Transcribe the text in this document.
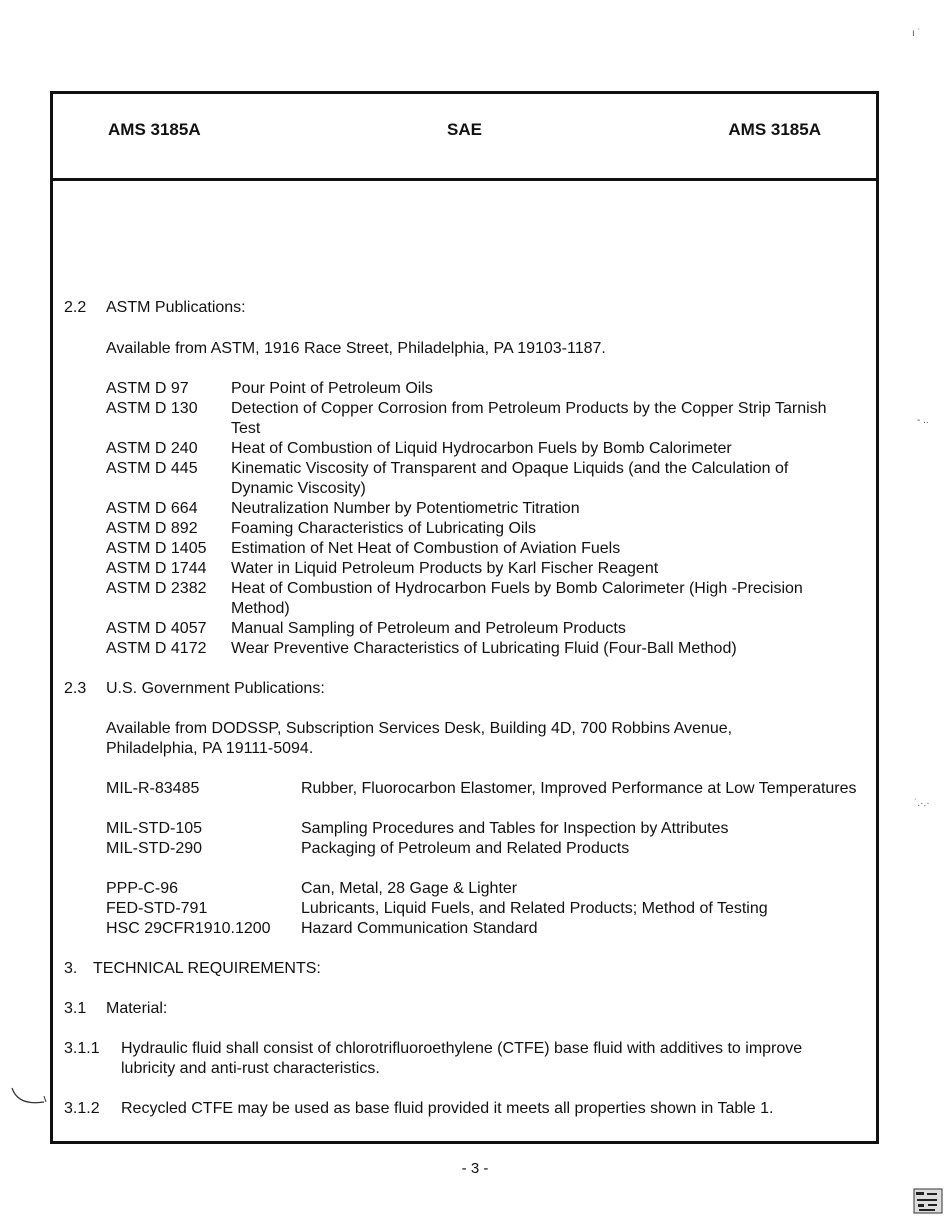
AMS 3185A	SAE	AMS 3185A
2.2 ASTM Publications:
Available from ASTM, 1916 Race Street, Philadelphia, PA 19103-1187.
ASTM D 97	Pour Point of Petroleum Oils
ASTM D 130 Detection of Copper Corrosion from Petroleum Products by the Copper Strip Tarnish Test
ASTM D 240 Heat of Combustion of Liquid Hydrocarbon Fuels by Bomb Calorimeter
ASTM D 445 Kinematic Viscosity of Transparent and Opaque Liquids (and the Calculation of Dynamic Viscosity)
ASTM D 664 Neutralization Number by Potentiometric Titration
ASTM D 892 Foaming Characteristics of Lubricating Oils
ASTM D 1405 Estimation of Net Heat of Combustion of Aviation Fuels
ASTM D 1744 Water in Liquid Petroleum Products by Karl Fischer Reagent
ASTM D 2382 Heat of Combustion of Hydrocarbon Fuels by Bomb Calorimeter (High -Precision Method)
ASTM D 4057 Manual Sampling of Petroleum and Petroleum Products
ASTM D 4172 Wear Preventive Characteristics of Lubricating Fluid (Four-Ball Method)
2.3 U.S. Government Publications:
Available from DODSSP, Subscription Services Desk, Building 4D, 700 Robbins Avenue, Philadelphia, PA 19111-5094.
MIL-R-83485	Rubber, Fluorocarbon Elastomer, Improved Performance at Low Temperatures
MIL-STD-105	Sampling Procedures and Tables for Inspection by Attributes
MIL-STD-290	Packaging of Petroleum and Related Products
PPP-C-96	Can, Metal, 28 Gage & Lighter
FED-STD-791	Lubricants, Liquid Fuels, and Related Products; Method of Testing
HSC 29CFR1910.1200 Hazard Communication Standard
3. TECHNICAL REQUIREMENTS:
3.1 Material:
3.1.1 Hydraulic fluid shall consist of chlorotrifluoroethylene (CTFE) base fluid with additives to improve lubricity and anti-rust characteristics.
3.1.2 Recycled CTFE may be used as base fluid provided it meets all properties shown in Table 1.
- 3 -
ı ˙
- ..
˙.·.·
